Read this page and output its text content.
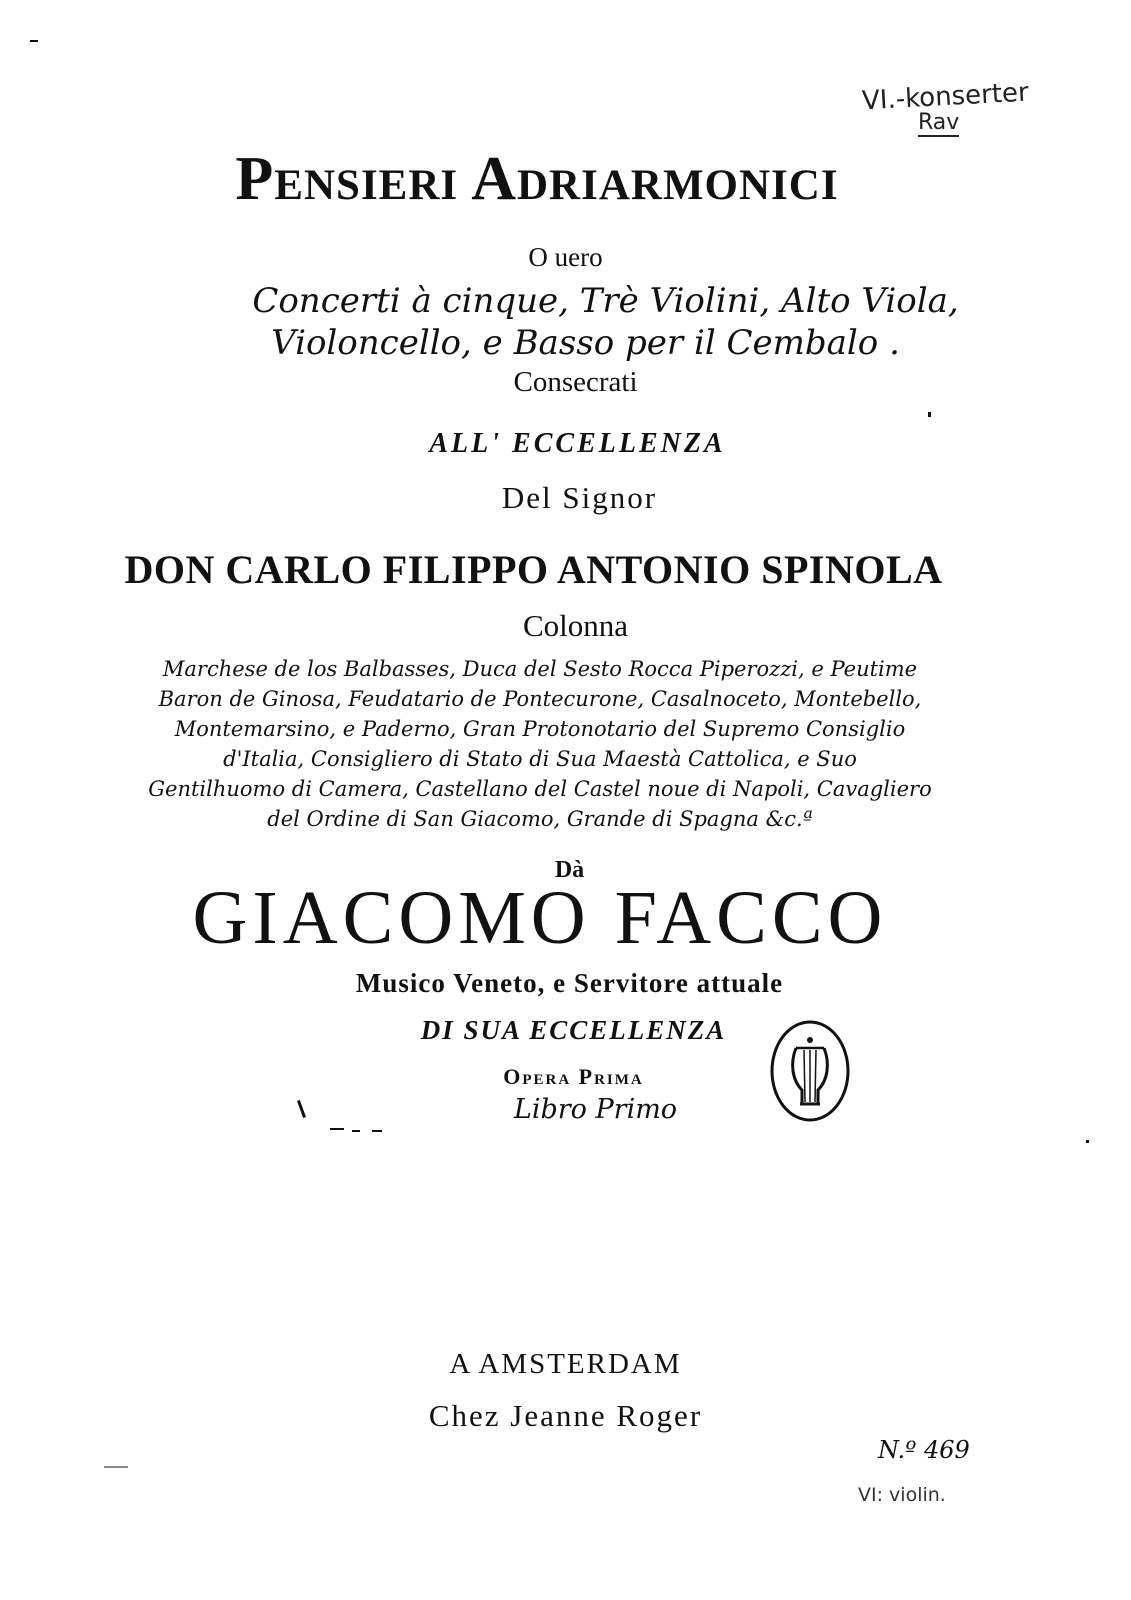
VI.-konserter
Rav
Pensieri Adriarmonici
O uero
Concerti à cinque, Trè Violini, Alto Viola,
Violoncello, e Basso per il Cembalo .
Consecrati
ALL' ECCELLENZA
Del Signor
DON CARLO FILIPPO ANTONIO SPINOLA
Colonna
Marchese de los Balbasses, Duca del Sesto Rocca Piperozzi, e Peutime
Baron de Ginosa, Feudatario de Pontecurone, Casalnoceto, Montebello,
Montemarsino, e Paderno, Gran Protonotario del Supremo Consiglio
d'Italia, Consigliero di Stato di Sua Maestà Cattolica, e Suo
Gentilhuomo di Camera, Castellano del Castel noue di Napoli, Cavagliero
del Ordine di San Giacomo, Grande di Spagna &c.ª
Dà
GIACOMO FACCO
Musico Veneto, e Servitore attuale
DI SUA ECCELLENZA
Opera Prima
Libro Primo
A AMSTERDAM
Chez Jeanne Roger
N.º 469
VI: violin.
